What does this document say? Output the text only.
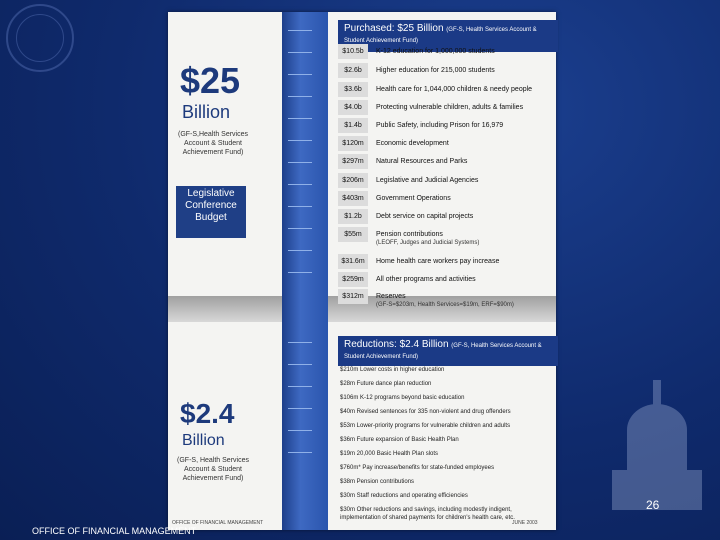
$25
Billion
(GF-S,Health Services Account & Student Achievement Fund)
Legislative Conference Budget
$2.4
Billion
(GF-S, Health Services Account & Student Achievement Fund)
Purchased: $25 Billion (GF-S, Health Services Account & Student Achievement Fund)
$10.5b	K-12 education for 1,000,000 students
$2.6b	Higher education for 215,000 students
$3.6b	Health care for 1,044,000 children & needy people
$4.0b	Protecting vulnerable children, adults & families
$1.4b	Public Safety, including Prison for 16,979
$120m	Economic development
$297m	Natural Resources and Parks
$206m	Legislative and Judicial Agencies
$403m	Government Operations
$1.2b	Debt service on capital projects
$55m	Pension contributions
(LEOFF, Judges and Judicial Systems)
$31.6m	Home health care workers pay increase
$259m	All other programs and activities
$312m	Reserves
(GF-S=$203m, Health Services=$19m, ERF=$90m)
Reductions: $2.4 Billion (GF-S, Health Services Account & Student Achievement Fund)
$210m Lower costs in higher education
$28m Future dance plan reduction
$106m K-12 programs beyond basic education
$40m Revised sentences for 335 non-violent and drug offenders
$53m Lower-priority programs for vulnerable children and adults
$36m Future expansion of Basic Health Plan
$19m 20,000 Basic Health Plan slots
$760m* Pay increase/benefits for state-funded employees
$38m Pension contributions
$30m Staff reductions and operating efficiencies
$30m Other reductions and savings, including modestly indigent, implementation of shared payments for children's health care, etc.
OFFICE OF FINANCIAL MANAGEMENT	JUNE 2003
26
OFFICE OF FINANCIAL MANAGEMENT
